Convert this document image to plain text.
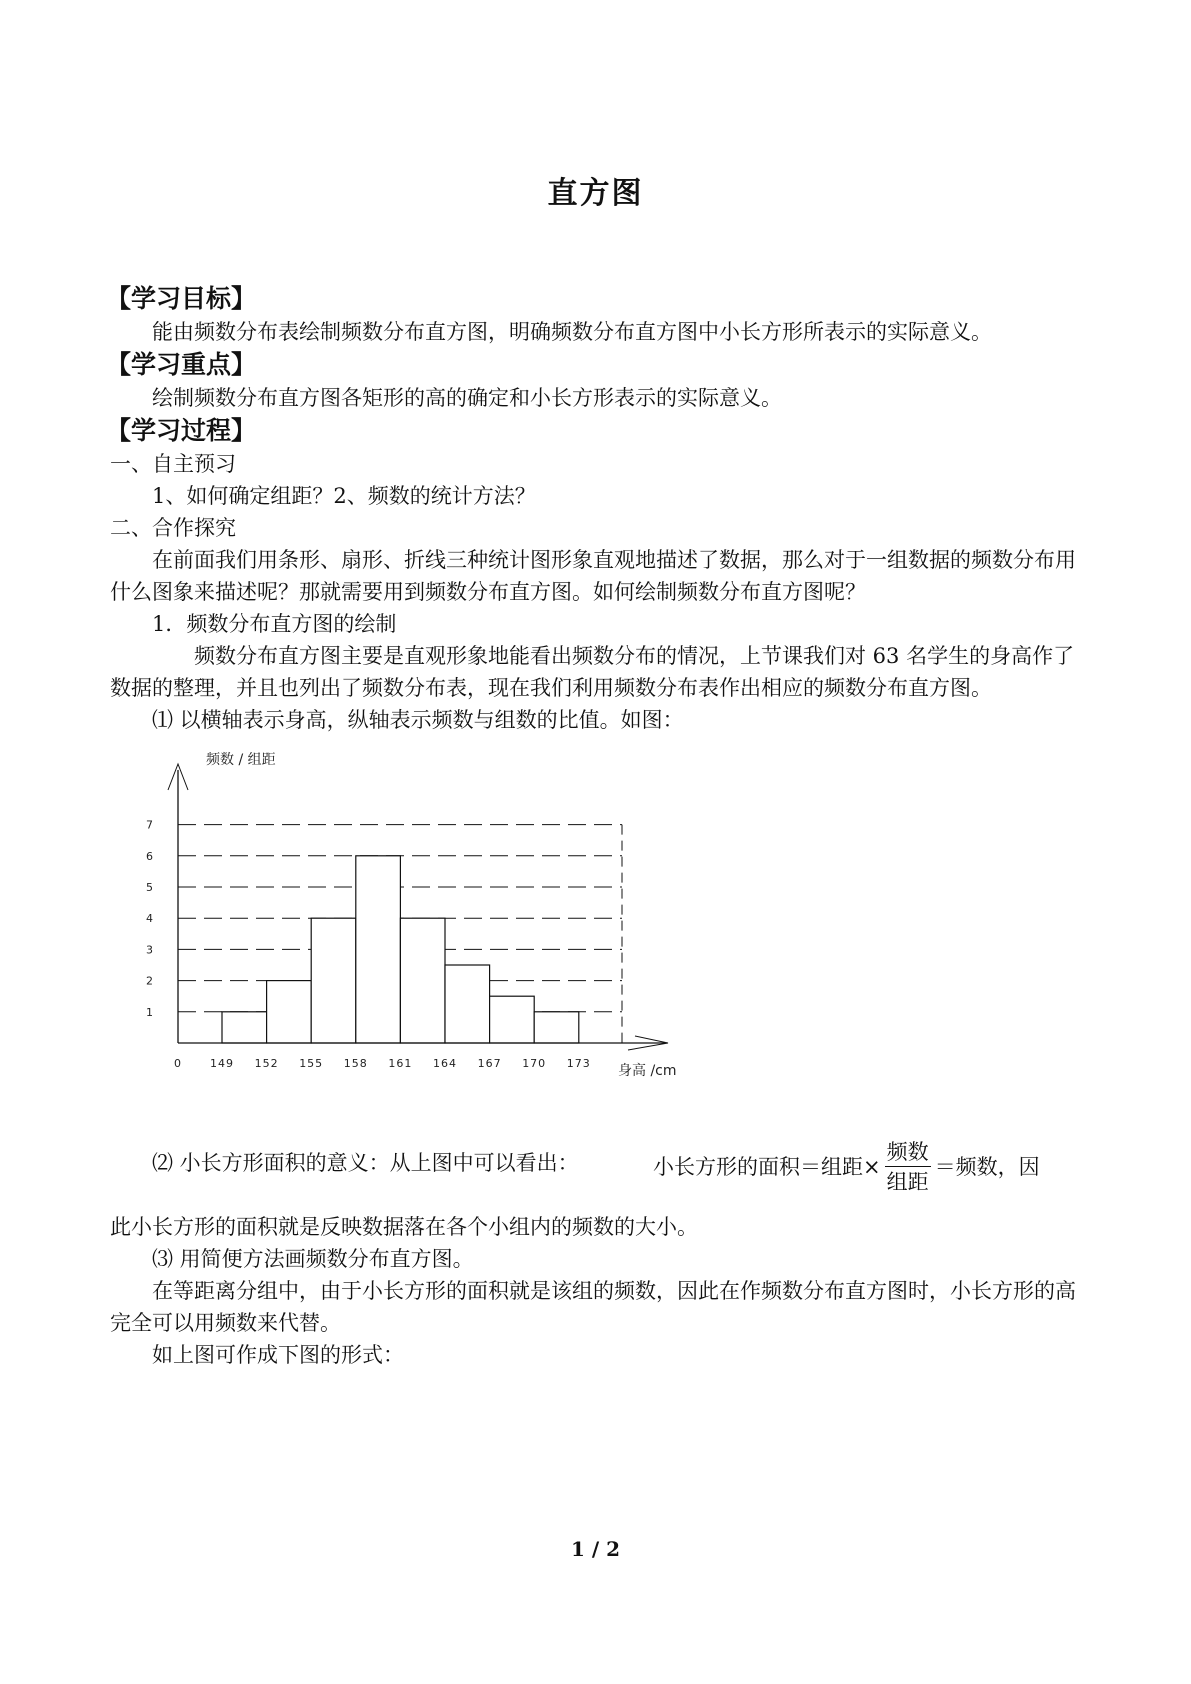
直方图

【学习目标】

能由频数分布表绘制频数分布直方图，明确频数分布直方图中小长方形所表示的实际意义。

【学习重点】

绘制频数分布直方图各矩形的高的确定和小长方形表示的实际意义。

【学习过程】

一、自主预习

1、如何确定组距？2、频数的统计方法？

二、合作探究

在前面我们用条形、扇形、折线三种统计图形象直观地描述了数据，那么对于一组数据的频数分布用什么图象来描述呢？那就需要用到频数分布直方图。如何绘制频数分布直方图呢？

1．频数分布直方图的绘制

频数分布直方图主要是直观形象地能看出频数分布的情况，上节课我们对 63 名学生的身高作了数据的整理，并且也列出了频数分布表，现在我们利用频数分布表作出相应的频数分布直方图。

⑴ 以横轴表示身高，纵轴表示频数与组数的比值。如图：

1
2
3
4
5
6
7
0	149 152 155 158 161 164 167 170 173
频数 / 组距
身高 /cm
⑵ 小长方形面积的意义：从上图中可以看出：	小长方形的面积＝组距× $\frac{\text{频数}}{\text{组距}}$ ＝频数 ，因

此小长方形的面积就是反映数据落在各个小组内的频数的大小。

⑶ 用简便方法画频数分布直方图。

在等距离分组中，由于小长方形的面积就是该组的频数，因此在作频数分布直方图时，小长方形的高完全可以用频数来代替。

如上图可作成下图的形式：

1 / 2
